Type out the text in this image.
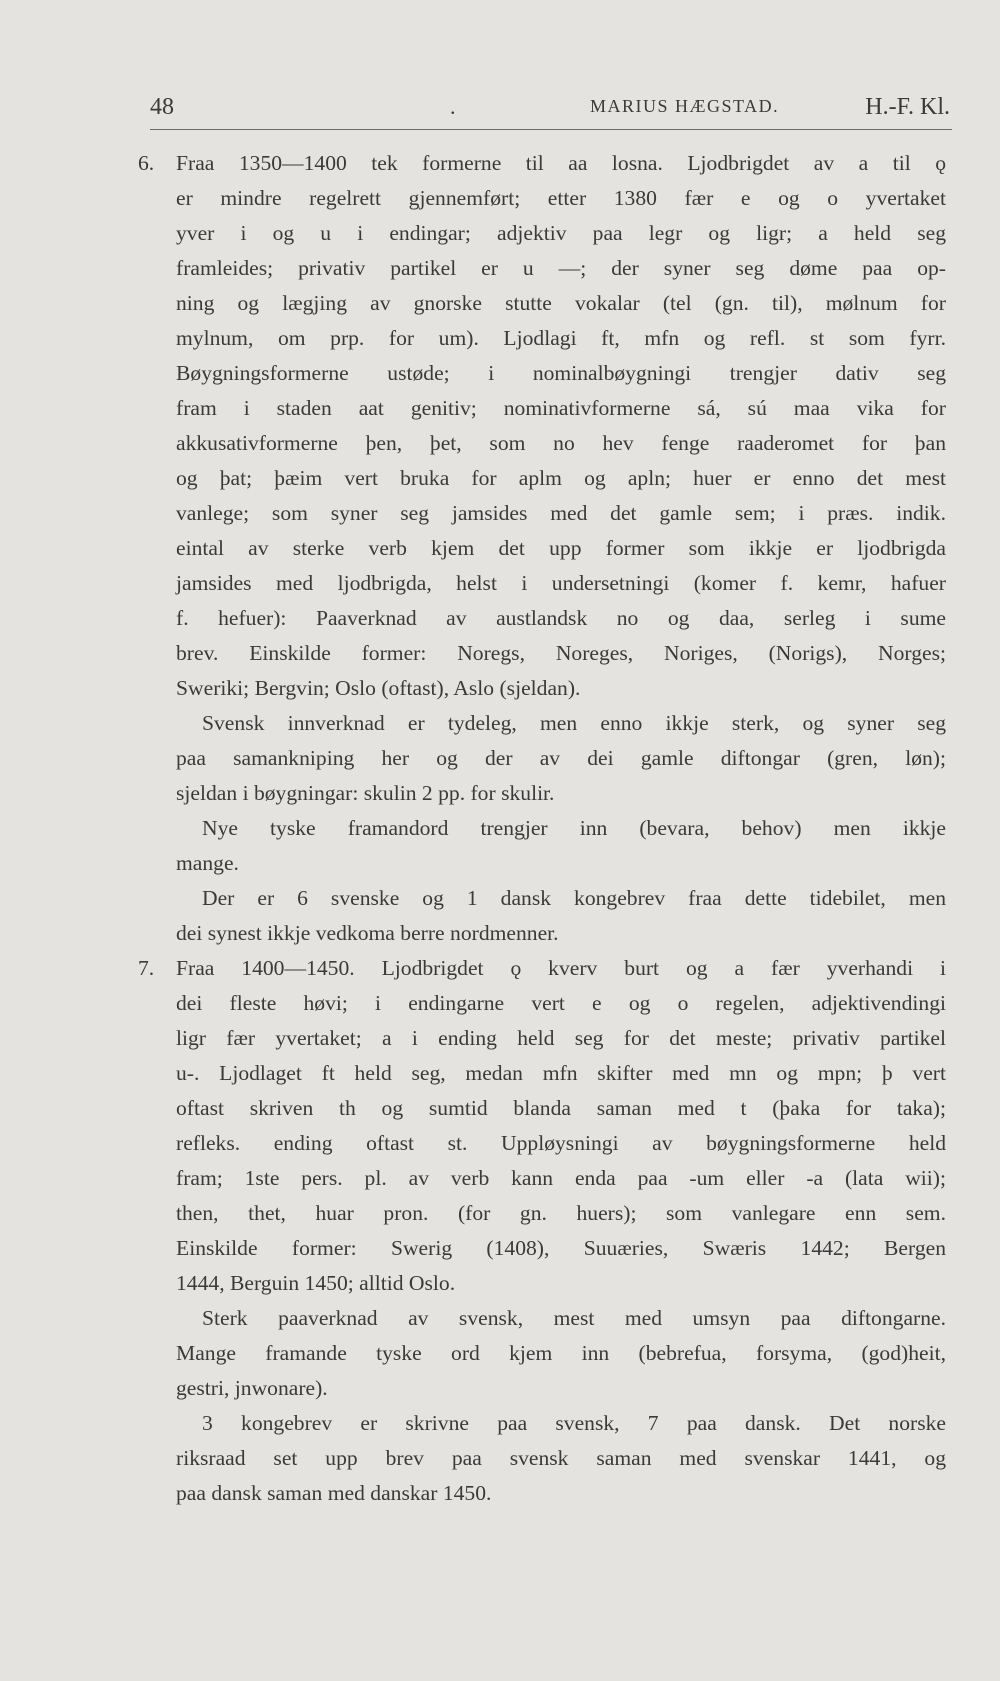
48	.	MARIUS HÆGSTAD.	H.-F. Kl.

6. Fraa 1350—1400 tek formerne til aa losna. Ljodbrigdet av a til ǫ
er mindre regelrett gjennemført; etter 1380 fær e og o yvertaket
yver i og u i endingar; adjektiv paa legr og ligr; a held seg
framleides; privativ partikel er u —; der syner seg døme paa op-
ning og lægjing av gnorske stutte vokalar (tel (gn. til), mølnum for
mylnum, om prp. for um). Ljodlagi ft, mfn og refl. st som fyrr.
Bøygningsformerne ustøde; i nominalbøygningi trengjer dativ seg
fram i staden aat genitiv; nominativformerne sá, sú maa vika for
akkusativformerne þen, þet, som no hev fenge raaderomet for þan
og þat; þæim vert bruka for aplm og apln; huer er enno det mest
vanlege; som syner seg jamsides med det gamle sem; i præs. indik.
eintal av sterke verb kjem det upp former som ikkje er ljodbrigda
jamsides med ljodbrigda, helst i undersetningi (komer f. kemr, hafuer
f. hefuer): Paaverknad av austlandsk no og daa, serleg i sume
brev. Einskilde former: Noregs, Noreges, Noriges, (Norigs), Norges;
Sweriki; Bergvin; Oslo (oftast), Aslo (sjeldan).

Svensk innverknad er tydeleg, men enno ikkje sterk, og syner seg
paa samankniping her og der av dei gamle diftongar (gren, løn);
sjeldan i bøygningar: skulin 2 pp. for skulir.

Nye tyske framandord trengjer inn (bevara, behov) men ikkje
mange.

Der er 6 svenske og 1 dansk kongebrev fraa dette tidebilet, men
dei synest ikkje vedkoma berre nordmenner.

7. Fraa 1400—1450. Ljodbrigdet ǫ kverv burt og a fær yverhandi i
dei fleste høvi; i endingarne vert e og o regelen, adjektivendingi
ligr fær yvertaket; a i ending held seg for det meste; privativ partikel
u-. Ljodlaget ft held seg, medan mfn skifter med mn og mpn; þ vert
oftast skriven th og sumtid blanda saman med t (þaka for taka);
refleks. ending oftast st. Uppløysningi av bøygningsformerne held
fram; 1ste pers. pl. av verb kann enda paa -um eller -a (lata wii);
then, thet, huar pron. (for gn. huers); som vanlegare enn sem.
Einskilde former: Swerig (1408), Suuæries, Swæris 1442; Bergen
1444, Berguin 1450; alltid Oslo.

Sterk paaverknad av svensk, mest med umsyn paa diftongarne.
Mange framande tyske ord kjem inn (bebrefua, forsyma, (god)heit,
gestri, jnwonare).

3 kongebrev er skrivne paa svensk, 7 paa dansk. Det norske
riksraad set upp brev paa svensk saman med svenskar 1441, og
paa dansk saman med danskar 1450.
